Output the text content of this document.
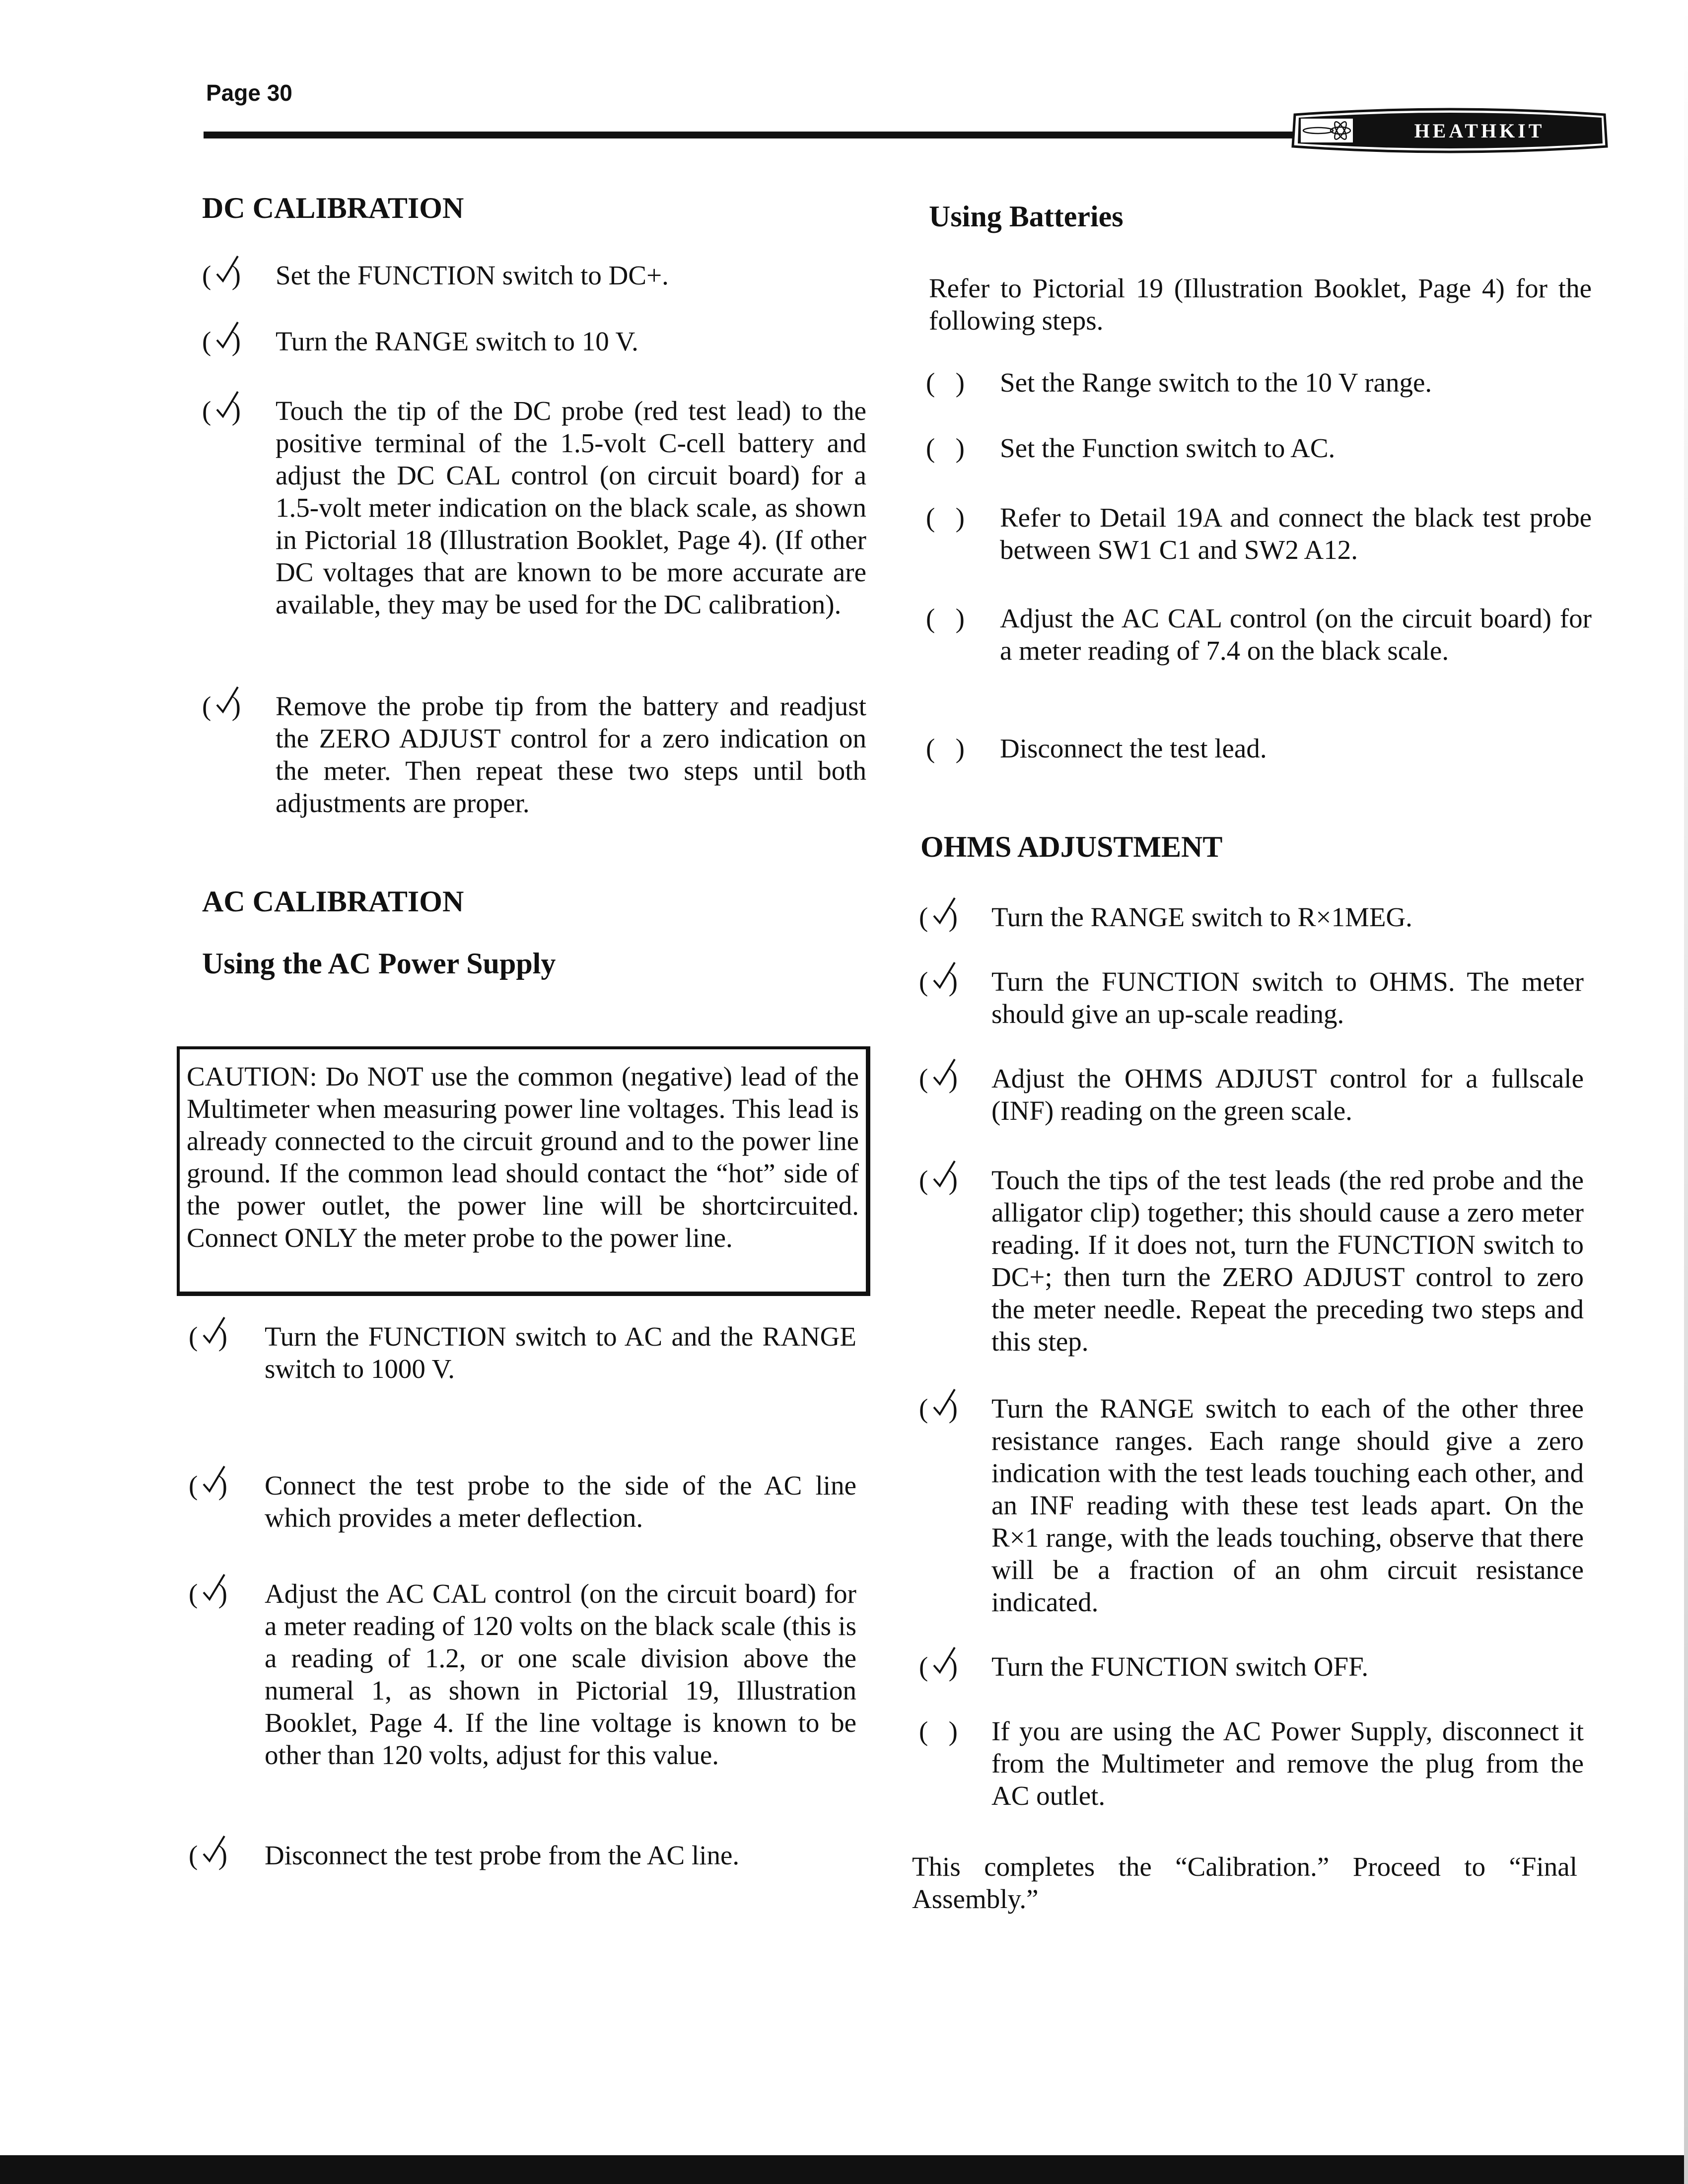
Page 30
HEATHKIT
DC CALIBRATION
AC CALIBRATION
Using the AC Power Supply
CAUTION: Do NOT use the common (negative) lead of the Multimeter when measuring power line voltages. This lead is already connected to the circuit ground and to the power line ground. If the common lead should contact the “hot” side of the power outlet, the power line will be shortcircuited. Connect ONLY the meter probe to the power line.
Using Batteries
Refer to Pictorial 19 (Illustration Booklet, Page 4) for the following steps.
OHMS ADJUSTMENT
This completes the “Calibration.” Proceed to “Final Assembly.”
( ) Set the FUNCTION switch to DC+.
( ) Turn the RANGE switch to 10 V.
( ) Touch the tip of the DC probe (red test lead) to the positive terminal of the 1.5-volt C-cell battery and adjust the DC CAL control (on circuit board) for a 1.5-volt meter indication on the black scale, as shown in Pictorial 18 (Illustration Booklet, Page 4). (If other DC voltages that are known to be more accurate are available, they may be used for the DC calibration).
( ) Remove the probe tip from the battery and readjust the ZERO ADJUST control for a zero indication on the meter. Then repeat these two steps until both adjustments are proper.
( ) Turn the FUNCTION switch to AC and the RANGE switch to 1000 V.
( ) Connect the test probe to the side of the AC line which provides a meter deflection.
( ) Adjust the AC CAL control (on the circuit board) for a meter reading of 120 volts on the black scale (this is a reading of 1.2, or one scale division above the numeral 1, as shown in Pictorial 19, Illustration Booklet, Page 4. If the line voltage is known to be other than 120 volts, adjust for this value.
( ) Disconnect the test probe from the AC line.
( ) Set the Range switch to the 10 V range.
( ) Set the Function switch to AC.
( ) Refer to Detail 19A and connect the black test probe between SW1 C1 and SW2 A12.
( ) Adjust the AC CAL control (on the circuit board) for a meter reading of 7.4 on the black scale.
( ) Disconnect the test lead.
( ) Turn the RANGE switch to R×1MEG.
( ) Turn the FUNCTION switch to OHMS. The meter should give an up-scale reading.
( ) Adjust the OHMS ADJUST control for a fullscale (INF) reading on the green scale.
( ) Touch the tips of the test leads (the red probe and the alligator clip) together; this should cause a zero meter reading. If it does not, turn the FUNCTION switch to DC+; then turn the ZERO ADJUST control to zero the meter needle. Repeat the preceding two steps and this step.
( ) Turn the RANGE switch to each of the other three resistance ranges. Each range should give a zero indication with the test leads touching each other, and an INF reading with these test leads apart. On the R×1 range, with the leads touching, observe that there will be a fraction of an ohm circuit resistance indicated.
( ) Turn the FUNCTION switch OFF.
( ) If you are using the AC Power Supply, disconnect it from the Multimeter and remove the plug from the AC outlet.
